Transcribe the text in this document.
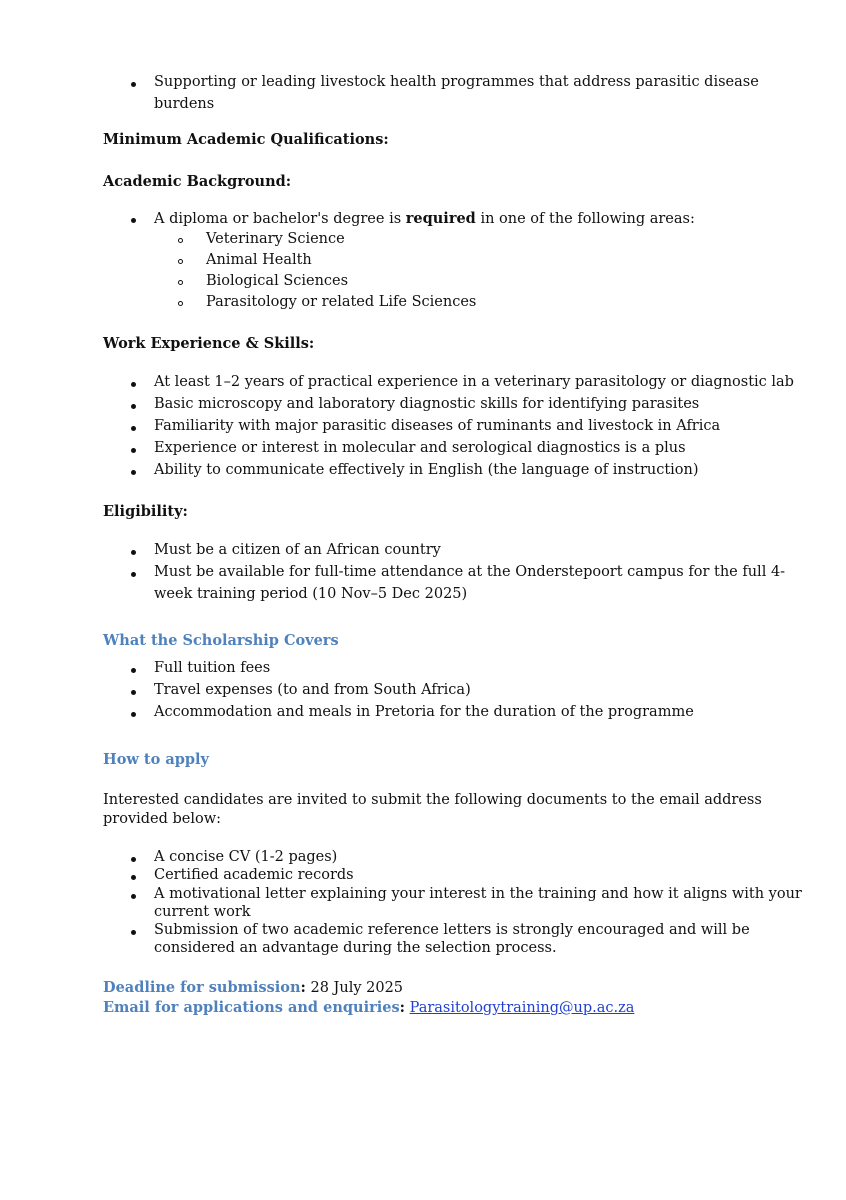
Supporting or leading livestock health programmes that address parasitic disease
burdens
Minimum Academic Qualifications:
Academic Background:
A diploma or bachelor's degree is required in one of the following areas:
Veterinary Science
Animal Health
Biological Sciences
Parasitology or related Life Sciences
Work Experience & Skills:
At least 1–2 years of practical experience in a veterinary parasitology or diagnostic lab
Basic microscopy and laboratory diagnostic skills for identifying parasites
Familiarity with major parasitic diseases of ruminants and livestock in Africa
Experience or interest in molecular and serological diagnostics is a plus
Ability to communicate effectively in English (the language of instruction)
Eligibility:
Must be a citizen of an African country
Must be available for full-time attendance at the Onderstepoort campus for the full 4-
week training period (10 Nov–5 Dec 2025)
What the Scholarship Covers
Full tuition fees
Travel expenses (to and from South Africa)
Accommodation and meals in Pretoria for the duration of the programme
How to apply
Interested candidates are invited to submit the following documents to the email address
provided below:
A concise CV (1-2 pages)
Certified academic records
A motivational letter explaining your interest in the training and how it aligns with your
current work
Submission of two academic reference letters is strongly encouraged and will be
considered an advantage during the selection process.
Deadline for submission: 28 July 2025
Email for applications and enquiries: Parasitologytraining@up.ac.za
